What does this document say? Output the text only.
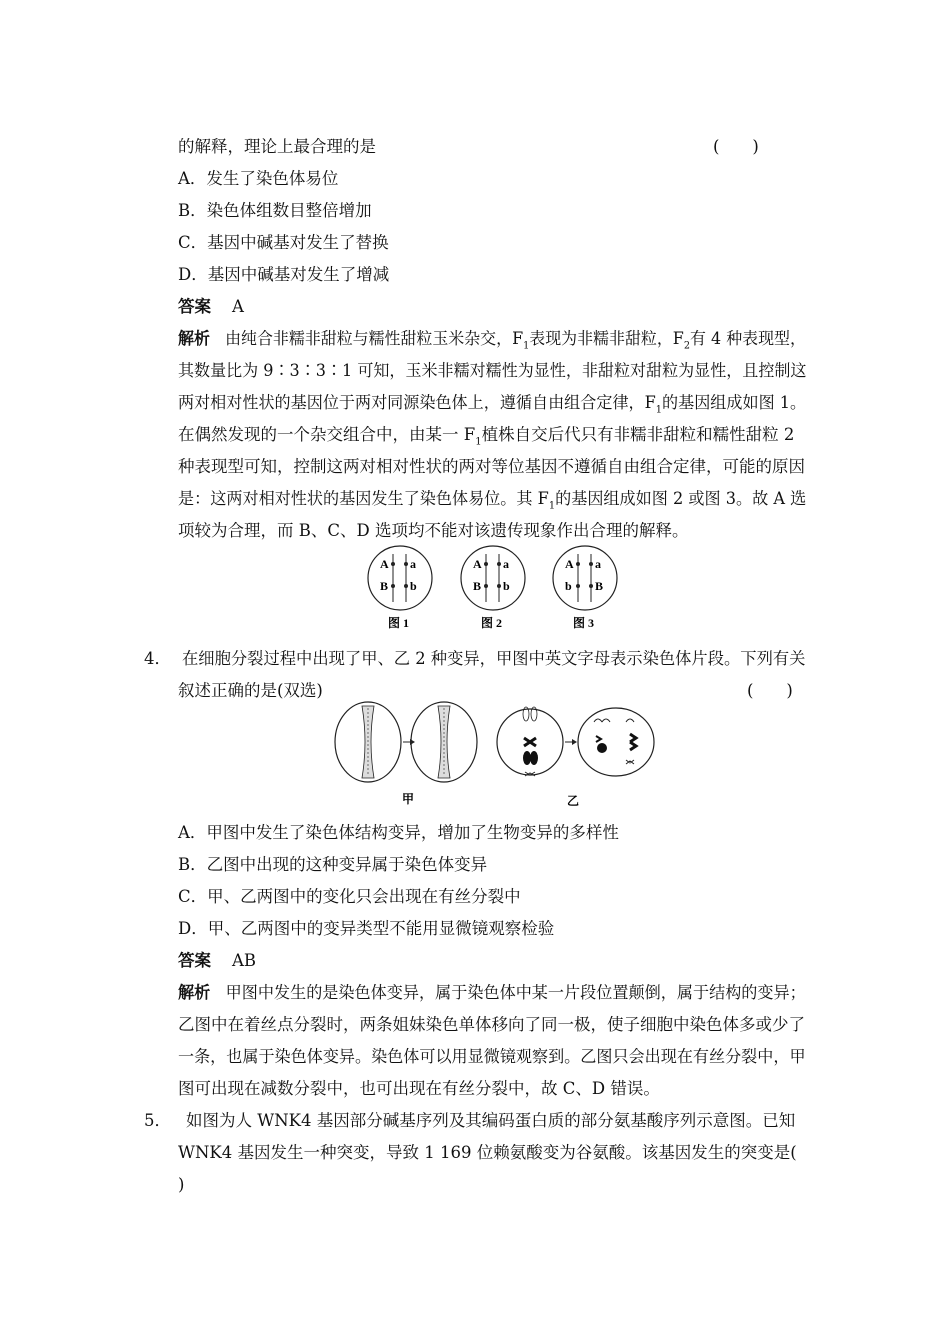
的解释，理论上最合理的是	(　　)
A．发生了染色体易位
B．染色体组数目整倍增加
C．基因中碱基对发生了替换
D．基因中碱基对发生了增减
答案 A
解析 由纯合非糯非甜粒与糯性甜粒玉米杂交，$F_1$表现为非糯非甜粒，$F_2$有 4 种表现型，
其数量比为 9∶3∶3∶1 可知，玉米非糯对糯性为显性，非甜粒对甜粒为显性，且控制这
两对相对性状的基因位于两对同源染色体上，遵循自由组合定律，$F_1$的基因组成如图 1。
在偶然发现的一个杂交组合中，由某一 $F_1$植株自交后代只有非糯非甜粒和糯性甜粒 2
种表现型可知，控制这两对相对性状的两对等位基因不遵循自由组合定律，可能的原因
是：这两对相对性状的基因发生了染色体易位。其 $F_1$的基因组成如图 2 或图 3。故 A 选
项较为合理，而 B、C、D 选项均不能对该遗传现象作出合理的解释。
A a
B b
A a
B b
A a
b B
图 1	图 2	图 3
4． 在细胞分裂过程中出现了甲、乙 2 种变异，甲图中英文字母表示染色体片段。下列有关
叙述正确的是(双选)	(　　)
甲	乙
A．甲图中发生了染色体结构变异，增加了生物变异的多样性
B．乙图中出现的这种变异属于染色体变异
C．甲、乙两图中的变化只会出现在有丝分裂中
D．甲、乙两图中的变异类型不能用显微镜观察检验
答案 AB
解析 甲图中发生的是染色体变异，属于染色体中某一片段位置颠倒，属于结构的变异；
乙图中在着丝点分裂时，两条姐妹染色单体移向了同一极，使子细胞中染色体多或少了
一条，也属于染色体变异。染色体可以用显微镜观察到。乙图只会出现在有丝分裂中，甲
图可出现在减数分裂中，也可出现在有丝分裂中，故 C、D 错误。
5． 如图为人 WNK4 基因部分碱基序列及其编码蛋白质的部分氨基酸序列示意图。已知
WNK4 基因发生一种突变，导致 1 169 位赖氨酸变为谷氨酸。该基因发生的突变是(
)
